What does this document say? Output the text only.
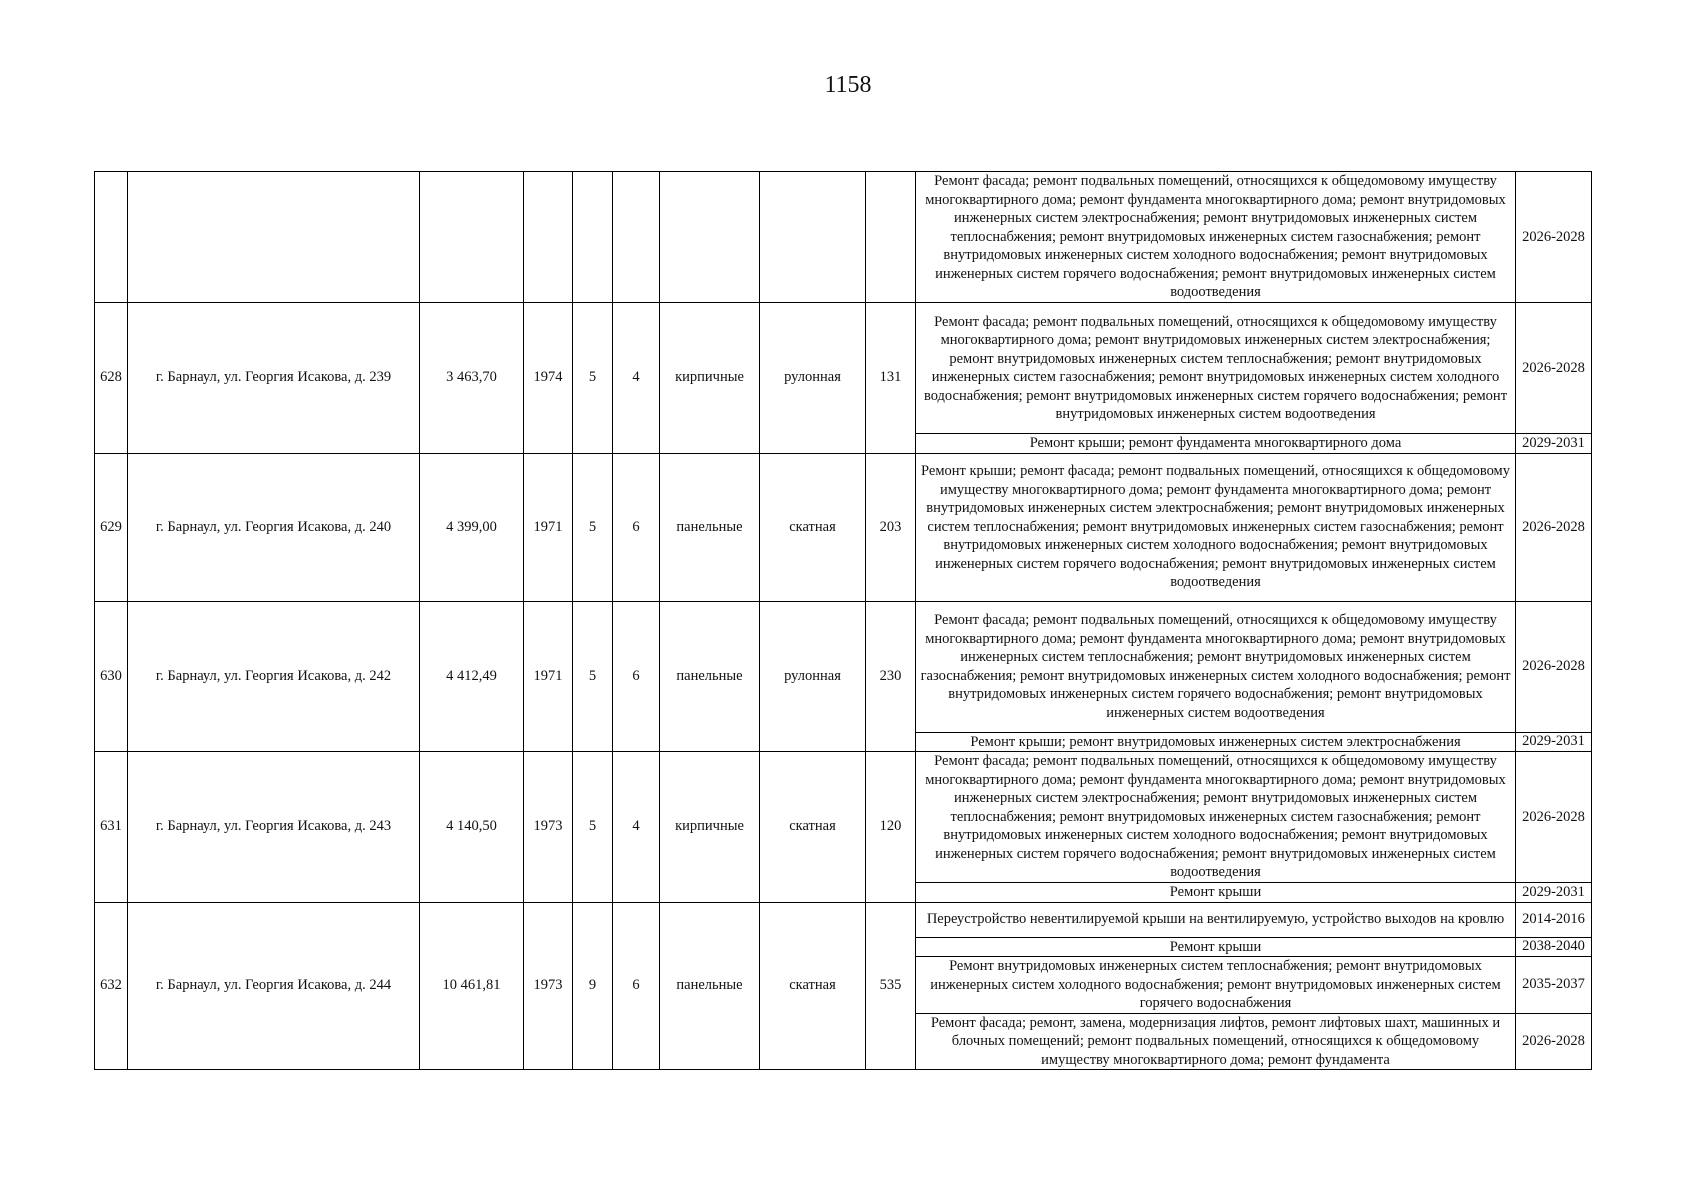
1158
									Ремонт фасада; ремонт подвальных помещений, относящихся к общедомовому имуществу многоквартирного дома; ремонт фундамента многоквартирного дома; ремонт внутридомовых инженерных систем электроснабжения; ремонт внутридомовых инженерных систем теплоснабжения; ремонт внутридомовых инженерных систем газоснабжения; ремонт внутридомовых инженерных систем холодного водоснабжения; ремонт внутридомовых инженерных систем горячего водоснабжения; ремонт внутридомовых инженерных систем водоотведения	2026-2028
628	г. Барнаул, ул. Георгия Исакова, д. 239	3 463,70	1974	5	4	кирпичные	рулонная	131	Ремонт фасада; ремонт подвальных помещений, относящихся к общедомовому имуществу многоквартирного дома; ремонт внутридомовых инженерных систем электроснабжения; ремонт внутридомовых инженерных систем теплоснабжения; ремонт внутридомовых инженерных систем газоснабжения; ремонт внутридомовых инженерных систем холодного водоснабжения; ремонт внутридомовых инженерных систем горячего водоснабжения; ремонт внутридомовых инженерных систем водоотведения	2026-2028
									Ремонт крыши; ремонт фундамента многоквартирного дома	2029-2031
629	г. Барнаул, ул. Георгия Исакова, д. 240	4 399,00	1971	5	6	панельные	скатная	203	Ремонт крыши; ремонт фасада; ремонт подвальных помещений, относящихся к общедомовому имуществу многоквартирного дома; ремонт фундамента многоквартирного дома; ремонт внутридомовых инженерных систем электроснабжения; ремонт внутридомовых инженерных систем теплоснабжения; ремонт внутридомовых инженерных систем газоснабжения; ремонт внутридомовых инженерных систем холодного водоснабжения; ремонт внутридомовых инженерных систем горячего водоснабжения; ремонт внутридомовых инженерных систем водоотведения	2026-2028
630	г. Барнаул, ул. Георгия Исакова, д. 242	4 412,49	1971	5	6	панельные	рулонная	230	Ремонт фасада; ремонт подвальных помещений, относящихся к общедомовому имуществу многоквартирного дома; ремонт фундамента многоквартирного дома; ремонт внутридомовых инженерных систем теплоснабжения; ремонт внутридомовых инженерных систем газоснабжения; ремонт внутридомовых инженерных систем холодного водоснабжения; ремонт внутридомовых инженерных систем горячего водоснабжения; ремонт внутридомовых инженерных систем водоотведения	2026-2028
									Ремонт крыши; ремонт внутридомовых инженерных систем электроснабжения	2029-2031
631	г. Барнаул, ул. Георгия Исакова, д. 243	4 140,50	1973	5	4	кирпичные	скатная	120	Ремонт фасада; ремонт подвальных помещений, относящихся к общедомовому имуществу многоквартирного дома; ремонт фундамента многоквартирного дома; ремонт внутридомовых инженерных систем электроснабжения; ремонт внутридомовых инженерных систем теплоснабжения; ремонт внутридомовых инженерных систем газоснабжения; ремонт внутридомовых инженерных систем холодного водоснабжения; ремонт внутридомовых инженерных систем горячего водоснабжения; ремонт внутридомовых инженерных систем водоотведения	2026-2028
									Ремонт крыши	2029-2031
632	г. Барнаул, ул. Георгия Исакова, д. 244	10 461,81	1973	9	6	панельные	скатная	535	Переустройство невентилируемой крыши на вентилируемую, устройство выходов на кровлю	2014-2016
									Ремонт крыши	2038-2040
									Ремонт внутридомовых инженерных систем теплоснабжения; ремонт внутридомовых инженерных систем холодного водоснабжения; ремонт внутридомовых инженерных систем горячего водоснабжения	2035-2037
									Ремонт фасада; ремонт, замена, модернизация лифтов, ремонт лифтовых шахт, машинных и блочных помещений; ремонт подвальных помещений, относящихся к общедомовому имуществу многоквартирного дома; ремонт фундамента	2026-2028
